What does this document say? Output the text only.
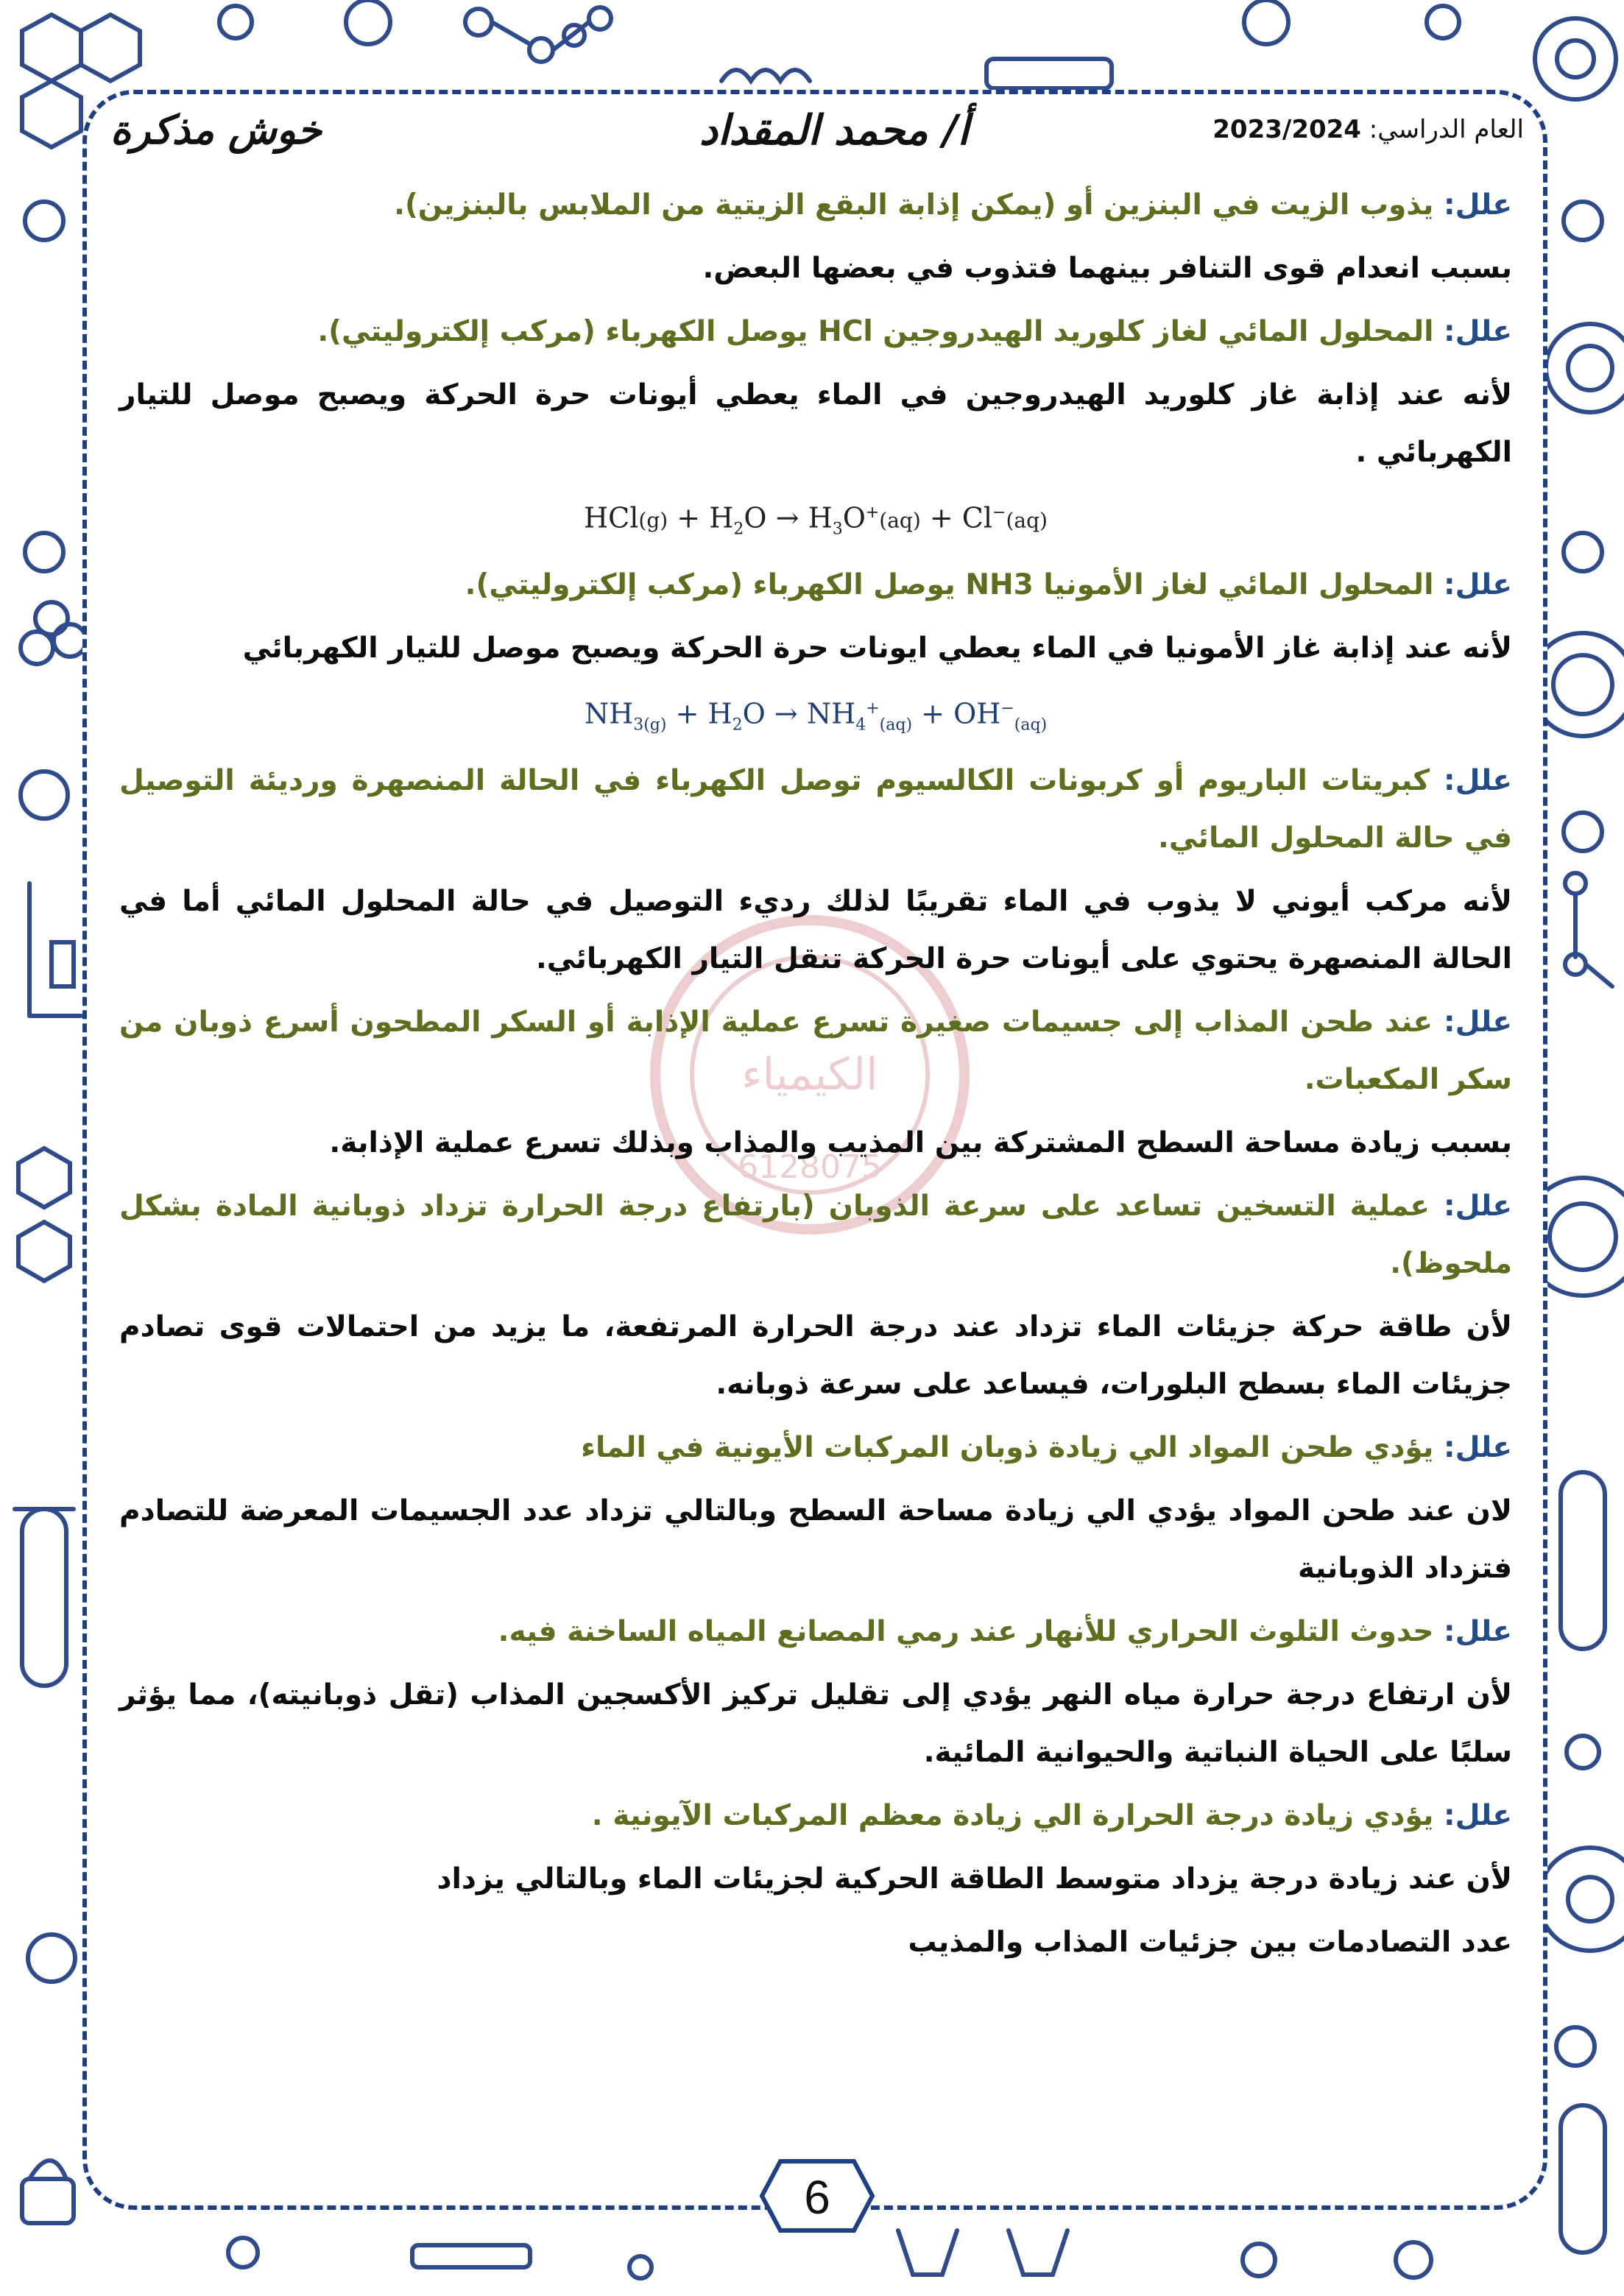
خوش مذكرة	أ/ محمد المقداد	العام الدراسي: 2023/2024
الكيمياء
6128075

علل: يذوب الزيت في البنزين أو (يمكن إذابة البقع الزيتية من الملابس بالبنزين).

بسبب انعدام قوى التنافر بينهما فتذوب في بعضها البعض.

علل: المحلول المائي لغاز كلوريد الهيدروجين HCl يوصل الكهرباء (مركب إلكتروليتي).

لأنه عند إذابة غاز كلوريد الهيدروجين في الماء يعطي أيونات حرة الحركة ويصبح موصل للتيار الكهربائي .

$HCl(g) + H_2O \to H_3O^+(aq) + Cl^-(aq)$

علل: المحلول المائي لغاز الأمونيا NH3 يوصل الكهرباء (مركب إلكتروليتي).

لأنه عند إذابة غاز الأمونيا في الماء يعطي ايونات حرة الحركة ويصبح موصل للتيار الكهربائي

$NH_{3(g)} + H_2O \to NH_4^+_{(aq)} + OH^-_{(aq)}$

علل: كبريتات الباريوم أو كربونات الكالسيوم توصل الكهرباء في الحالة المنصهرة ورديئة التوصيل في حالة المحلول المائي.

لأنه مركب أيوني لا يذوب في الماء تقريبًا لذلك رديء التوصيل في حالة المحلول المائي أما في الحالة المنصهرة يحتوي على أيونات حرة الحركة تنقل التيار الكهربائي.

علل: عند طحن المذاب إلى جسيمات صغيرة تسرع عملية الإذابة أو السكر المطحون أسرع ذوبان من سكر المكعبات.

بسبب زيادة مساحة السطح المشتركة بين المذيب والمذاب وبذلك تسرع عملية الإذابة.

علل: عملية التسخين تساعد على سرعة الذوبان (بارتفاع درجة الحرارة تزداد ذوبانية المادة بشكل ملحوظ).

لأن طاقة حركة جزيئات الماء تزداد عند درجة الحرارة المرتفعة، ما يزيد من احتمالات قوى تصادم جزيئات الماء بسطح البلورات، فيساعد على سرعة ذوبانه.

علل: يؤدي طحن المواد الي زيادة ذوبان المركبات الأيونية في الماء

لان عند طحن المواد يؤدي الي زيادة مساحة السطح وبالتالي تزداد عدد الجسيمات المعرضة للتصادم فتزداد الذوبانية

علل: حدوث التلوث الحراري للأنهار عند رمي المصانع المياه الساخنة فيه.

لأن ارتفاع درجة حرارة مياه النهر يؤدي إلى تقليل تركيز الأكسجين المذاب (تقل ذوبانيته)، مما يؤثر سلبًا على الحياة النباتية والحيوانية المائية.

علل: يؤدي زيادة درجة الحرارة الي زيادة معظم المركبات الآيونية .

لأن عند زيادة درجة يزداد متوسط الطاقة الحركية لجزيئات الماء وبالتالي يزداد

عدد التصادمات بين جزئيات المذاب والمذيب

6
